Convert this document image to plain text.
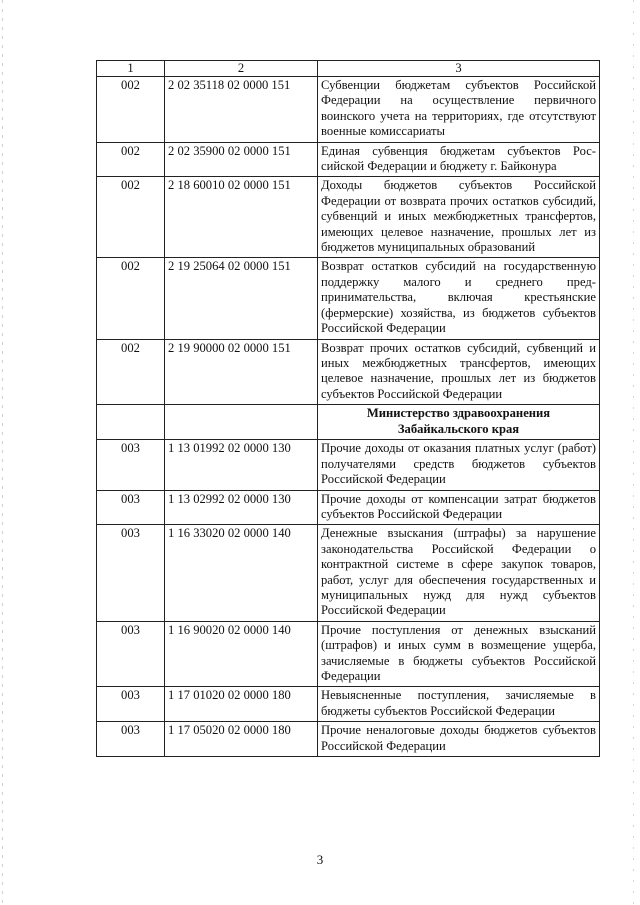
1	2	3
002	2 02 35118 02 0000 151	Субвенции бюджетам субъектов Российской Федерации на осуществление первичного воинского учета на территориях, где отсутствуют военные комиссариаты
002	2 02 35900 02 0000 151	Единая субвенция бюджетам субъектов Российской Федерации и бюджету г. Байконура
002	2 18 60010 02 0000 151	Доходы бюджетов субъектов Российской Федерации от возврата прочих остатков субсидий, субвенций и иных межбюджетных трансфертов, имеющих целевое назначение, прошлых лет из бюджетов муниципальных образований
002	2 19 25064 02 0000 151	Возврат остатков субсидий на государственную поддержку малого и среднего предпринимательства, включая крестьянские (фермерские) хозяйства, из бюджетов субъектов Российской Федерации
002	2 19 90000 02 0000 151	Возврат прочих остатков субсидий, субвенций и иных межбюджетных трансфертов, имеющих целевое назначение, прошлых лет из бюджетов субъектов Российской Федерации
		Министерство здравоохранения Забайкальского края
003	1 13 01992 02 0000 130	Прочие доходы от оказания платных услуг (работ) получателями средств бюджетов субъектов Российской Федерации
003	1 13 02992 02 0000 130	Прочие доходы от компенсации затрат бюджетов субъектов Российской Федерации
003	1 16 33020 02 0000 140	Денежные взыскания (штрафы) за нарушение законодательства Российской Федерации о контрактной системе в сфере закупок товаров, работ, услуг для обеспечения государственных и муниципальных нужд для нужд субъектов Российской Федерации
003	1 16 90020 02 0000 140	Прочие поступления от денежных взысканий (штрафов) и иных сумм в возмещение ущерба, зачисляемые в бюджеты субъектов Российской Федерации
003	1 17 01020 02 0000 180	Невыясненные поступления, зачисляемые в бюджеты субъектов Российской Федерации
003	1 17 05020 02 0000 180	Прочие неналоговые доходы бюджетов субъектов Российской Федерации
3
